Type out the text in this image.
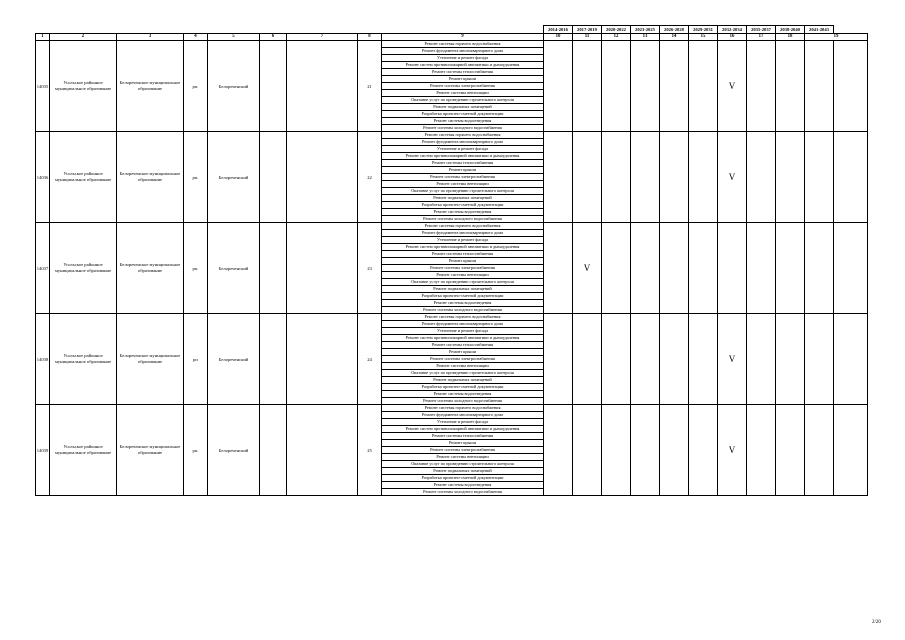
									2014-2016	2017-2019	2020-2022	2023-2025	2026-2028	2029-2031	2032-2034	2035-2037	2038-2040	2041-2043	
1	2	3	4	5	6	7	8	9	10	11	12	13	14	15	16	17	18	19	
14035	Усольское районное муниципальное образование	Белореченское муниципальное образование	рп.	Белореченский			21	Ремонт системы горячего водоснабжения							V				
								Ремонт фундамента многоквартирного дома											
								Утепление и ремонт фасада											
								Ремонт систем противопожарной автоматики и дымоудаления											
								Ремонт системы теплоснабжения											
								Ремонт крыши											
								Ремонт системы электроснабжения											
								Ремонт системы вентиляции											
								Оказание услуг по проведению строительного контроля											
								Ремонт подвальных помещений											
								Разработка проектно-сметной документации											
								Ремонт системы водоотведения											
								Ремонт системы холодного водоснабжения											
14036	Усольское районное муниципальное образование	Белореченское муниципальное образование	рп.	Белореченский			22	Ремонт системы горячего водоснабжения							V				
								Ремонт фундамента многоквартирного дома											
								Утепление и ремонт фасада											
								Ремонт систем противопожарной автоматики и дымоудаления											
								Ремонт системы теплоснабжения											
								Ремонт крыши											
								Ремонт системы электроснабжения											
								Ремонт системы вентиляции											
								Оказание услуг по проведению строительного контроля											
								Ремонт подвальных помещений											
								Разработка проектно-сметной документации											
								Ремонт системы водоотведения											
								Ремонт системы холодного водоснабжения											
14037	Усольское районное муниципальное образование	Белореченское муниципальное образование	рп.	Белореченский			23	Ремонт системы горячего водоснабжения		V									
								Ремонт фундамента многоквартирного дома											
								Утепление и ремонт фасада											
								Ремонт систем противопожарной автоматики и дымоудаления											
								Ремонт системы теплоснабжения											
								Ремонт крыши											
								Ремонт системы электроснабжения											
								Ремонт системы вентиляции											
								Оказание услуг по проведению строительного контроля											
								Ремонт подвальных помещений											
								Разработка проектно-сметной документации											
								Ремонт системы водоотведения											
								Ремонт системы холодного водоснабжения											
14038	Усольское районное муниципальное образование	Белореченское муниципальное образование	рп	Белореченский			24	Ремонт системы горячего водоснабжения							V				
								Ремонт фундамента многоквартирного дома											
								Утепление и ремонт фасада											
								Ремонт систем противопожарной автоматики и дымоудаления											
								Ремонт системы теплоснабжения											
								Ремонт крыши											
								Ремонт системы электроснабжения											
								Ремонт системы вентиляции											
								Оказание услуг по проведению строительного контроля											
								Ремонт подвальных помещений											
								Разработка проектно-сметной документации											
								Ремонт системы водоотведения											
								Ремонт системы холодного водоснабжения											
14039	Усольское районное муниципальное образование	Белореченское муниципальное образование	рп.	Белореченский			25	Ремонт системы горячего водоснабжения							V				
								Ремонт фундамента многоквартирного дома											
								Утепление и ремонт фасада											
								Ремонт систем противопожарной автоматики и дымоудаления											
								Ремонт системы теплоснабжения											
								Ремонт крыши											
								Ремонт системы электроснабжения											
								Ремонт системы вентиляции											
								Оказание услуг по проведению строительного контроля											
								Ремонт подвальных помещений											
								Разработка проектно-сметной документации											
								Ремонт системы водоотведения											
								Ремонт системы холодного водоснабжения											
2/20
